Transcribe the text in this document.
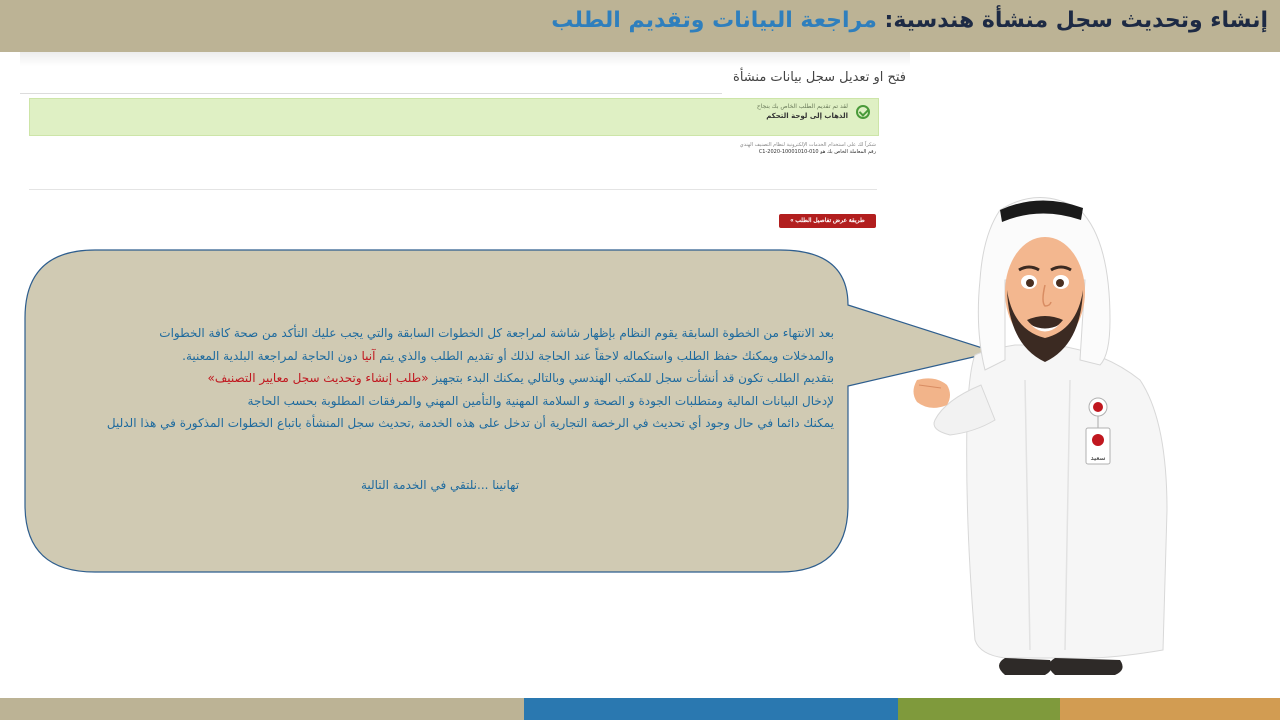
إنشاء وتحديث سجل منشأة هندسية: مراجعة البيانات وتقديم الطلب
فتح او تعديل سجل بيانات منشأة
لقد تم تقديم الطلب الخاص بك بنجاح
الذهاب إلى لوحة التحكم
شكراً لك على استخدام الخدمات الإلكترونية لنظام التصنيف الهندي
رقم المعاملة الخاص بك هو C1-2020-10001010-010
طريقة عرض تفاصيل الطلب »

بعد الانتهاء من الخطوة السابقة يقوم النظام بإظهار شاشة لمراجعة كل الخطوات السابقة والتي يجب عليك التأكد من صحة كافة الخطوات

والمدخلات ويمكنك حفظ الطلب واستكماله لاحقاً عند الحاجة لذلك أو تقديم الطلب والذي يتم آنيا دون الحاجة لمراجعة البلدية المعنية.

بتقديم الطلب تكون قد أنشأت سجل للمكتب الهندسي وبالتالي يمكنك البدء بتجهيز «طلب إنشاء وتحديث سجل معايير التصنيف»

لإدخال البيانات المالية ومتطلبات الجودة و الصحة و السلامة المهنية والتأمين المهني والمرفقات المطلوبة بحسب الحاجة

يمكنك دائما في حال وجود أي تحديث في الرخصة التجارية أن تدخل على هذه الخدمة ,تحديث سجل المنشأة باتباع الخطوات المذكورة في هذا الدليل

تهانينا ...نلتقي في الخدمة التالية
سعيد
